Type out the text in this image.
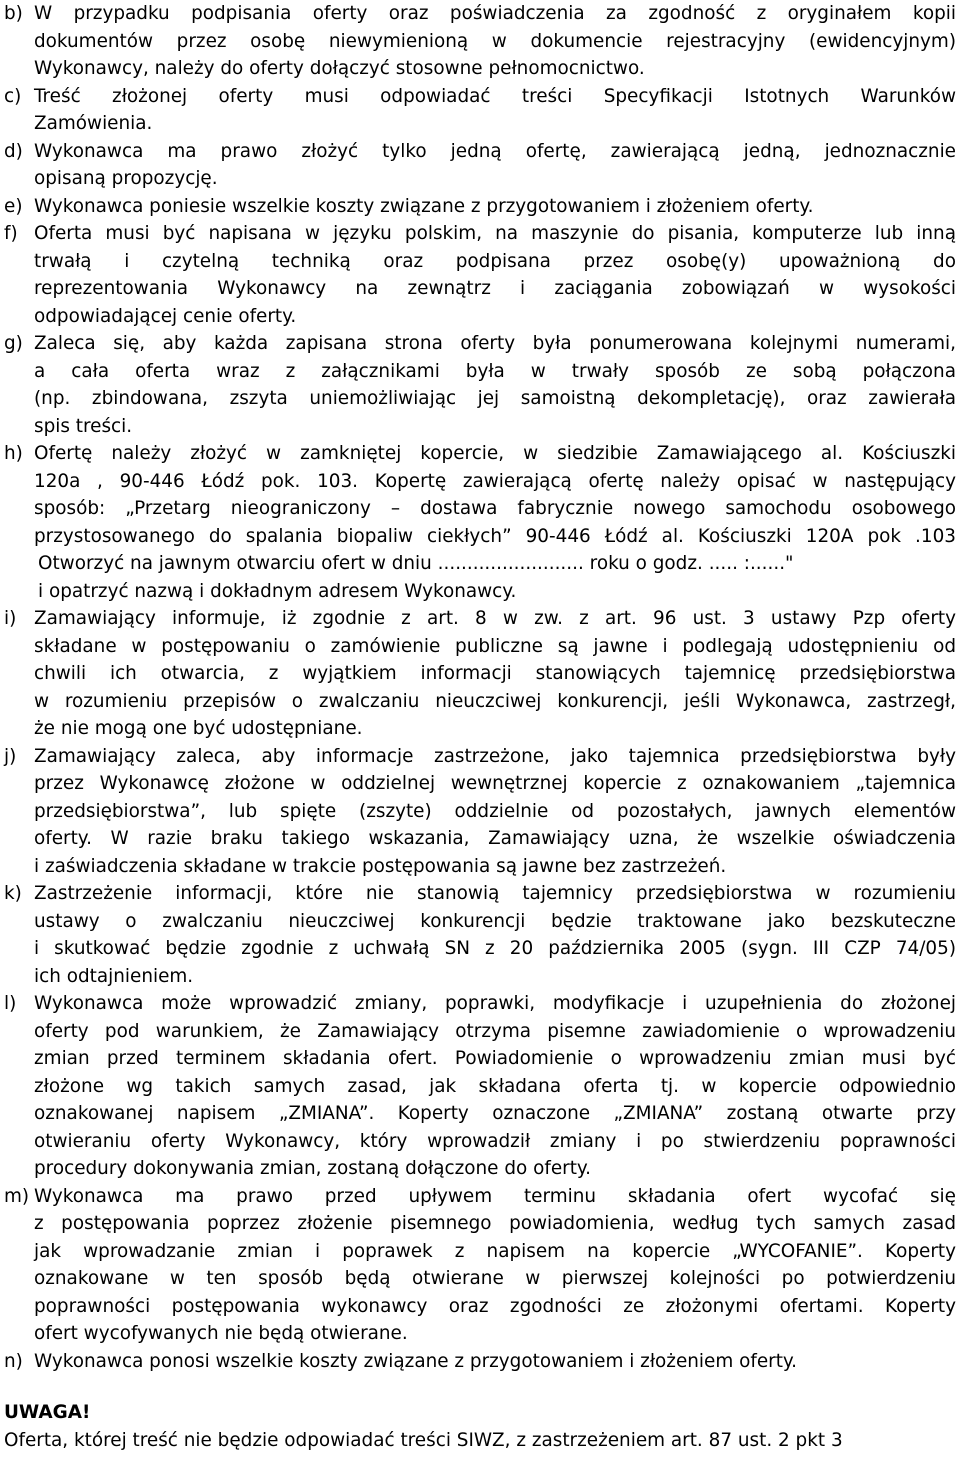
b) W przypadku podpisania oferty oraz poświadczenia za zgodność z oryginałem kopii
dokumentów przez osobę niewymienioną w dokumencie rejestracyjny (ewidencyjnym)
Wykonawcy, należy do oferty dołączyć stosowne pełnomocnictwo.
c) Treść złożonej oferty musi odpowiadać treści Specyfikacji Istotnych Warunków
Zamówienia.
d) Wykonawca ma prawo złożyć tylko jedną ofertę, zawierającą jedną, jednoznacznie
opisaną propozycję.
e) Wykonawca poniesie wszelkie koszty związane z przygotowaniem i złożeniem oferty.
f) Oferta musi być napisana w języku polskim, na maszynie do pisania, komputerze lub inną
trwałą i czytelną techniką oraz podpisana przez osobę(y) upoważnioną do
reprezentowania Wykonawcy na zewnątrz i zaciągania zobowiązań w wysokości
odpowiadającej cenie oferty.
g) Zaleca się, aby każda zapisana strona oferty była ponumerowana kolejnymi numerami,
a cała oferta wraz z załącznikami była w trwały sposób ze sobą połączona
(np. zbindowana, zszyta uniemożliwiając jej samoistną dekompletację), oraz zawierała
spis treści.
h) Ofertę należy złożyć w zamkniętej kopercie, w siedzibie Zamawiającego al. Kościuszki
120a , 90-446 Łódź pok. 103. Kopertę zawierającą ofertę należy opisać w następujący
sposób: „Przetarg nieograniczony – dostawa fabrycznie nowego samochodu osobowego
przystosowanego do spalania biopaliw ciekłych” 90-446 Łódź al. Kościuszki 120A pok .103
Otworzyć na jawnym otwarciu ofert w dniu ......................... roku o godz. ..... :......"
i opatrzyć nazwą i dokładnym adresem Wykonawcy.
i) Zamawiający informuje, iż zgodnie z art. 8 w zw. z art. 96 ust. 3 ustawy Pzp oferty
składane w postępowaniu o zamówienie publiczne są jawne i podlegają udostępnieniu od
chwili ich otwarcia, z wyjątkiem informacji stanowiących tajemnicę przedsiębiorstwa
w rozumieniu przepisów o zwalczaniu nieuczciwej konkurencji, jeśli Wykonawca, zastrzegł,
że nie mogą one być udostępniane.
j) Zamawiający zaleca, aby informacje zastrzeżone, jako tajemnica przedsiębiorstwa były
przez Wykonawcę złożone w oddzielnej wewnętrznej kopercie z oznakowaniem „tajemnica
przedsiębiorstwa”, lub spięte (zszyte) oddzielnie od pozostałych, jawnych elementów
oferty. W razie braku takiego wskazania, Zamawiający uzna, że wszelkie oświadczenia
i zaświadczenia składane w trakcie postępowania są jawne bez zastrzeżeń.
k) Zastrzeżenie informacji, które nie stanowią tajemnicy przedsiębiorstwa w rozumieniu
ustawy o zwalczaniu nieuczciwej konkurencji będzie traktowane jako bezskuteczne
i skutkować będzie zgodnie z uchwałą SN z 20 października 2005 (sygn. III CZP 74/05)
ich odtajnieniem.
l) Wykonawca może wprowadzić zmiany, poprawki, modyfikacje i uzupełnienia do złożonej
oferty pod warunkiem, że Zamawiający otrzyma pisemne zawiadomienie o wprowadzeniu
zmian przed terminem składania ofert. Powiadomienie o wprowadzeniu zmian musi być
złożone wg takich samych zasad, jak składana oferta tj. w kopercie odpowiednio
oznakowanej napisem „ZMIANA”. Koperty oznaczone „ZMIANA” zostaną otwarte przy
otwieraniu oferty Wykonawcy, który wprowadził zmiany i po stwierdzeniu poprawności
procedury dokonywania zmian, zostaną dołączone do oferty.
m) Wykonawca ma prawo przed upływem terminu składania ofert wycofać się
z postępowania poprzez złożenie pisemnego powiadomienia, według tych samych zasad
jak wprowadzanie zmian i poprawek z napisem na kopercie „WYCOFANIE”. Koperty
oznakowane w ten sposób będą otwierane w pierwszej kolejności po potwierdzeniu
poprawności postępowania wykonawcy oraz zgodności ze złożonymi ofertami. Koperty
ofert wycofywanych nie będą otwierane.
n) Wykonawca ponosi wszelkie koszty związane z przygotowaniem i złożeniem oferty.
UWAGA!
Oferta, której treść nie będzie odpowiadać treści SIWZ, z zastrzeżeniem art. 87 ust. 2 pkt 3
